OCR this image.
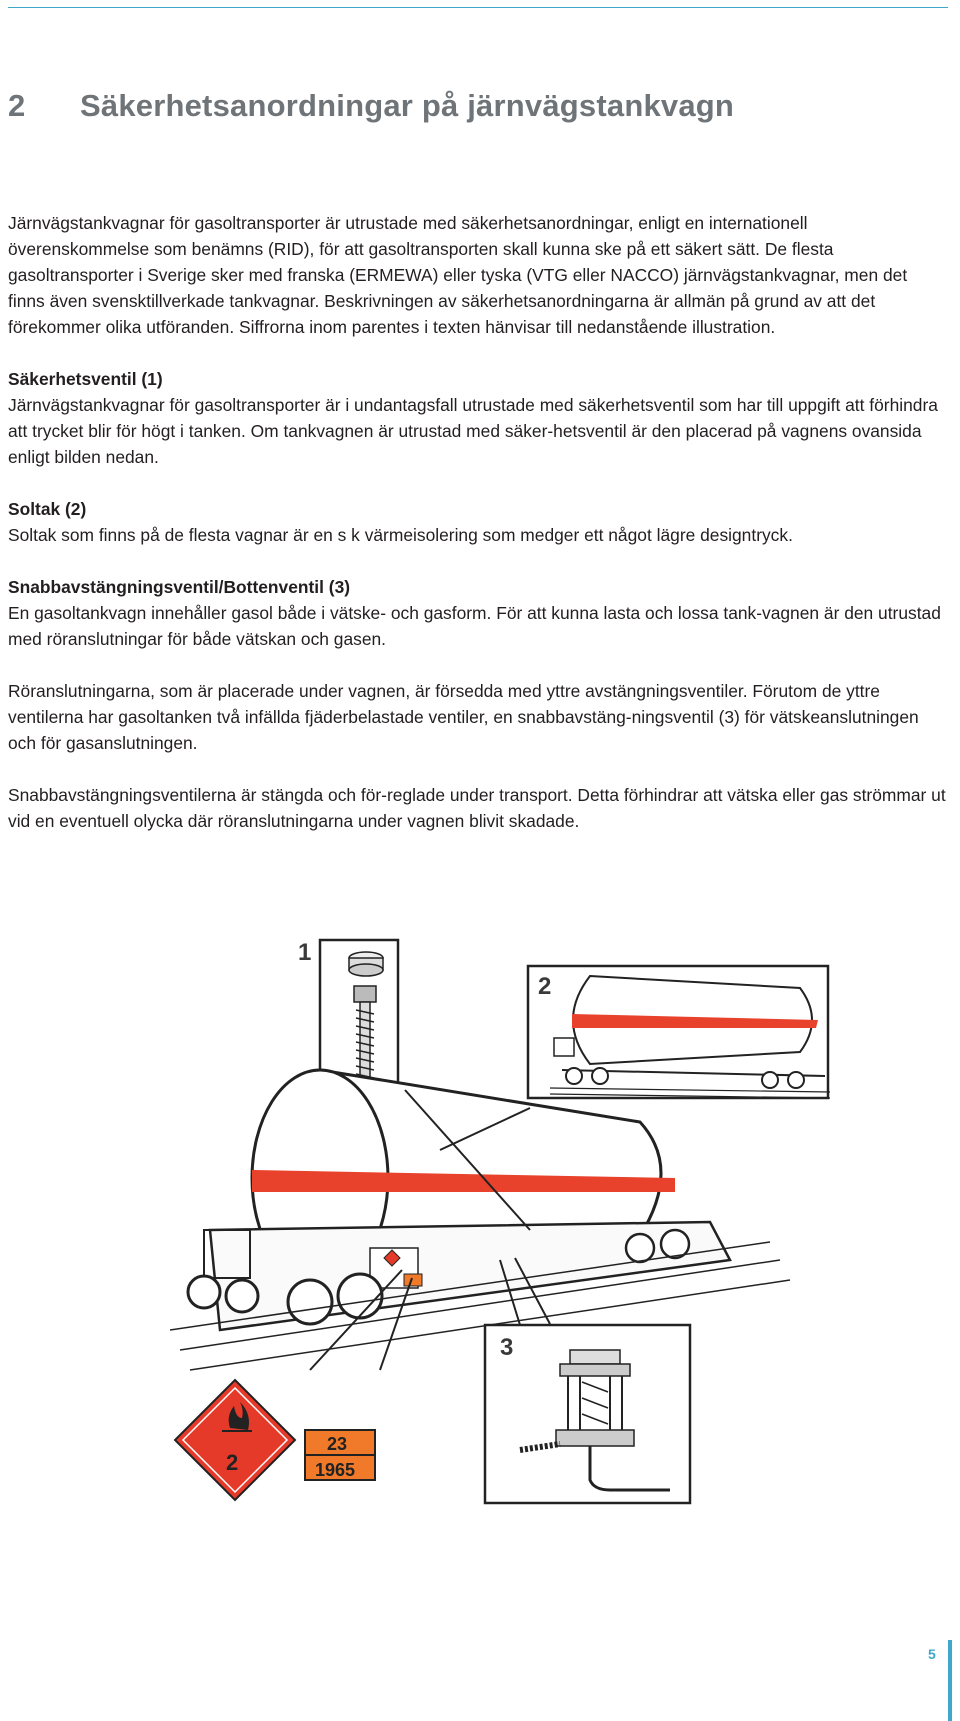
2 Säkerhetsanordningar på järnvägstankvagn

Järnvägstankvagnar för gasoltransporter är utrustade med säkerhetsanordningar, enligt en internationell överenskommelse som benämns (RID), för att gasoltransporten skall kunna ske på ett säkert sätt. De flesta gasoltransporter i Sverige sker med franska (ERMEWA) eller tyska (VTG eller NACCO) järnvägstankvagnar, men det finns även svensktillverkade tankvagnar. Beskrivningen av säkerhetsanordningarna är allmän på grund av att det förekommer olika utföranden. Siffrorna inom parentes i texten hänvisar till nedanstående illustration.

Säkerhetsventil (1)

Järnvägstankvagnar för gasoltransporter är i undantagsfall utrustade med säkerhetsventil som har till uppgift att förhindra att trycket blir för högt i tanken. Om tankvagnen är utrustad med säker-hetsventil är den placerad på vagnens ovansida enligt bilden nedan.

Soltak (2)

Soltak som finns på de flesta vagnar är en s k värmeisolering som medger ett något lägre designtryck.

Snabbavstängningsventil/Bottenventil (3)

En gasoltankvagn innehåller gasol både i vätske- och gasform. För att kunna lasta och lossa tank-vagnen är den utrustad med röranslutningar för både vätskan och gasen.

Röranslutningarna, som är placerade under vagnen, är försedda med yttre avstängningsventiler. Förutom de yttre ventilerna har gasoltanken två infällda fjäderbelastade ventiler, en snabbavstäng-ningsventil (3) för vätskeanslutningen och för gasanslutningen.

Snabbavstängningsventilerna är stängda och för-reglade under transport. Detta förhindrar att vätska eller gas strömmar ut vid en eventuell olycka där röranslutningarna under vagnen blivit skadade.

1
2
3
2
23
1965
5
